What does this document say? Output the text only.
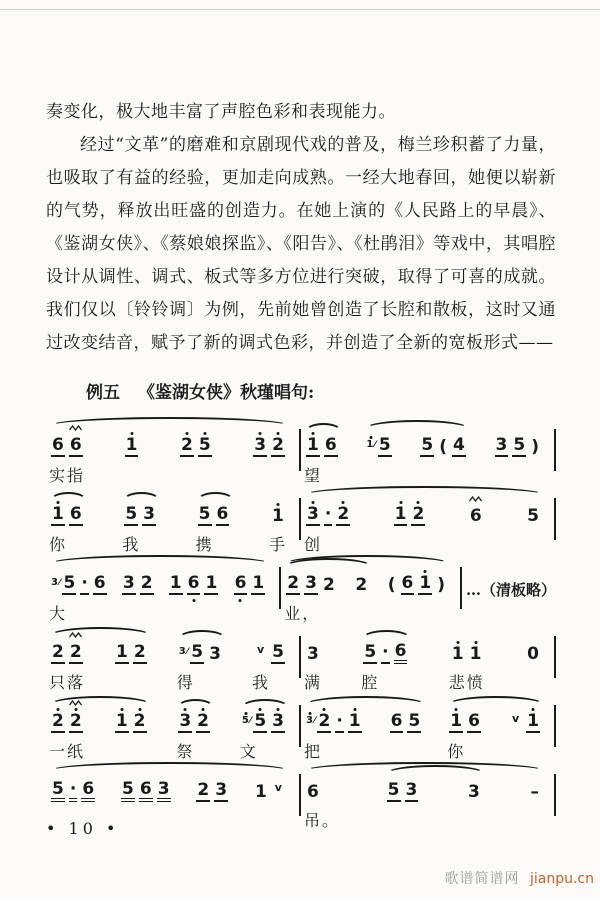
奏变化，极大地丰富了声腔色彩和表现能力。

经过“文革”的磨难和京剧现代戏的普及，梅兰珍积蓄了力量，也吸取了有益的经验，更加走向成熟。一经大地春回，她便以崭新的气势，释放出旺盛的创造力。在她上演的《人民路上的早晨》、《鉴湖女侠》、《蔡娘娘探监》、《阳告》、《杜鹃泪》等戏中，其唱腔设计从调性、调式、板式等多方位进行突破，取得了可喜的成就。我们仅以〔铃铃调〕为例，先前她曾创造了长腔和散板，这时又通过改变结音，赋予了新的调式色彩，并创造了全新的宽板形式——

例五 《鉴湖女侠》秋瑾唱句:
6 6
实指
1	2 5	3 2 1 6
望
1⁄ 5 5 ( 4 3 5 )
1 6
你
5 3
我
5 6
携
1
手
3 · 2
创
1 2	6	5
3⁄ 5 · 6
大
3 2 1 6 1 6 1 2 3 2
业，
2 ( 6 1 ) …（清板略）
2 2
只落
1 2	3⁄ 5 3
得
v 5
我
3
满
5 · 6
腔
1 1
悲愤
0
2 2
一纸
1 2 3 2
祭
5⁄ 5 3
文
3⁄ 2 · 1
把
6 5 1 6
你
v 1
5 · 6 5 6 3 2 3 1 v 6
吊。
5 3	3	–
• 10 •
歌谱简谱网 jianpu.cn
